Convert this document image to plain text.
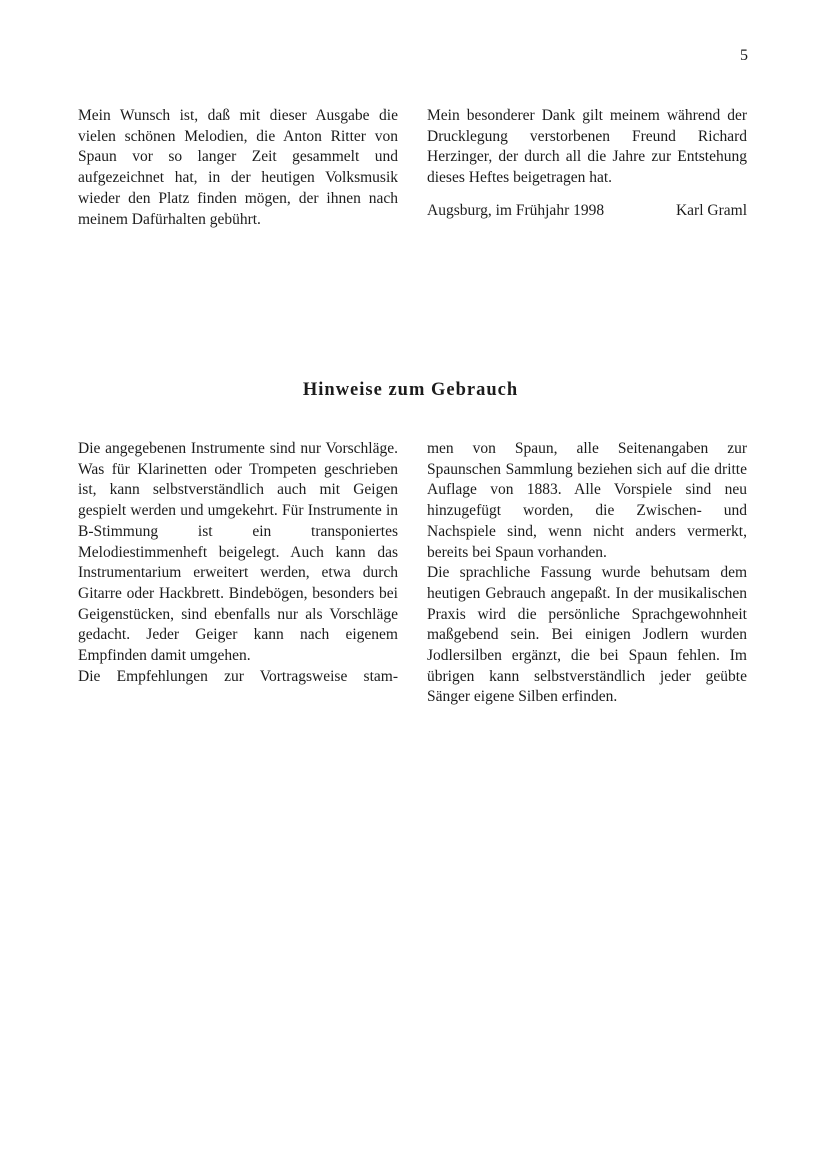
5

Mein Wunsch ist, daß mit dieser Ausgabe die vielen schönen Melodien, die Anton Ritter von Spaun vor so langer Zeit gesammelt und aufgezeichnet hat, in der heutigen Volksmusik wieder den Platz finden mögen, der ihnen nach meinem Dafürhalten gebührt.

Mein besonderer Dank gilt meinem während der Drucklegung verstorbenen Freund Richard Herzinger, der durch all die Jahre zur Entstehung dieses Heftes beigetragen hat.

Augsburg, im Frühjahr 1998	Karl Graml
Hinweise zum Gebrauch

Die angegebenen Instrumente sind nur Vorschläge. Was für Klarinetten oder Trompeten geschrieben ist, kann selbstverständlich auch mit Geigen gespielt werden und umgekehrt. Für Instrumente in B-Stimmung ist ein transponiertes Melodiestimmenheft beigelegt. Auch kann das Instrumentarium erweitert werden, etwa durch Gitarre oder Hackbrett. Bindebögen, besonders bei Geigenstücken, sind ebenfalls nur als Vorschläge gedacht. Jeder Geiger kann nach eigenem Empfinden damit umgehen.

Die Empfehlungen zur Vortragsweise stam-

men von Spaun, alle Seitenangaben zur Spaunschen Sammlung beziehen sich auf die dritte Auflage von 1883. Alle Vorspiele sind neu hinzugefügt worden, die Zwischen- und Nachspiele sind, wenn nicht anders vermerkt, bereits bei Spaun vorhanden.

Die sprachliche Fassung wurde behutsam dem heutigen Gebrauch angepaßt. In der musikalischen Praxis wird die persönliche Sprachgewohnheit maßgebend sein. Bei einigen Jodlern wurden Jodlersilben ergänzt, die bei Spaun fehlen. Im übrigen kann selbstverständlich jeder geübte Sänger eigene Silben erfinden.
